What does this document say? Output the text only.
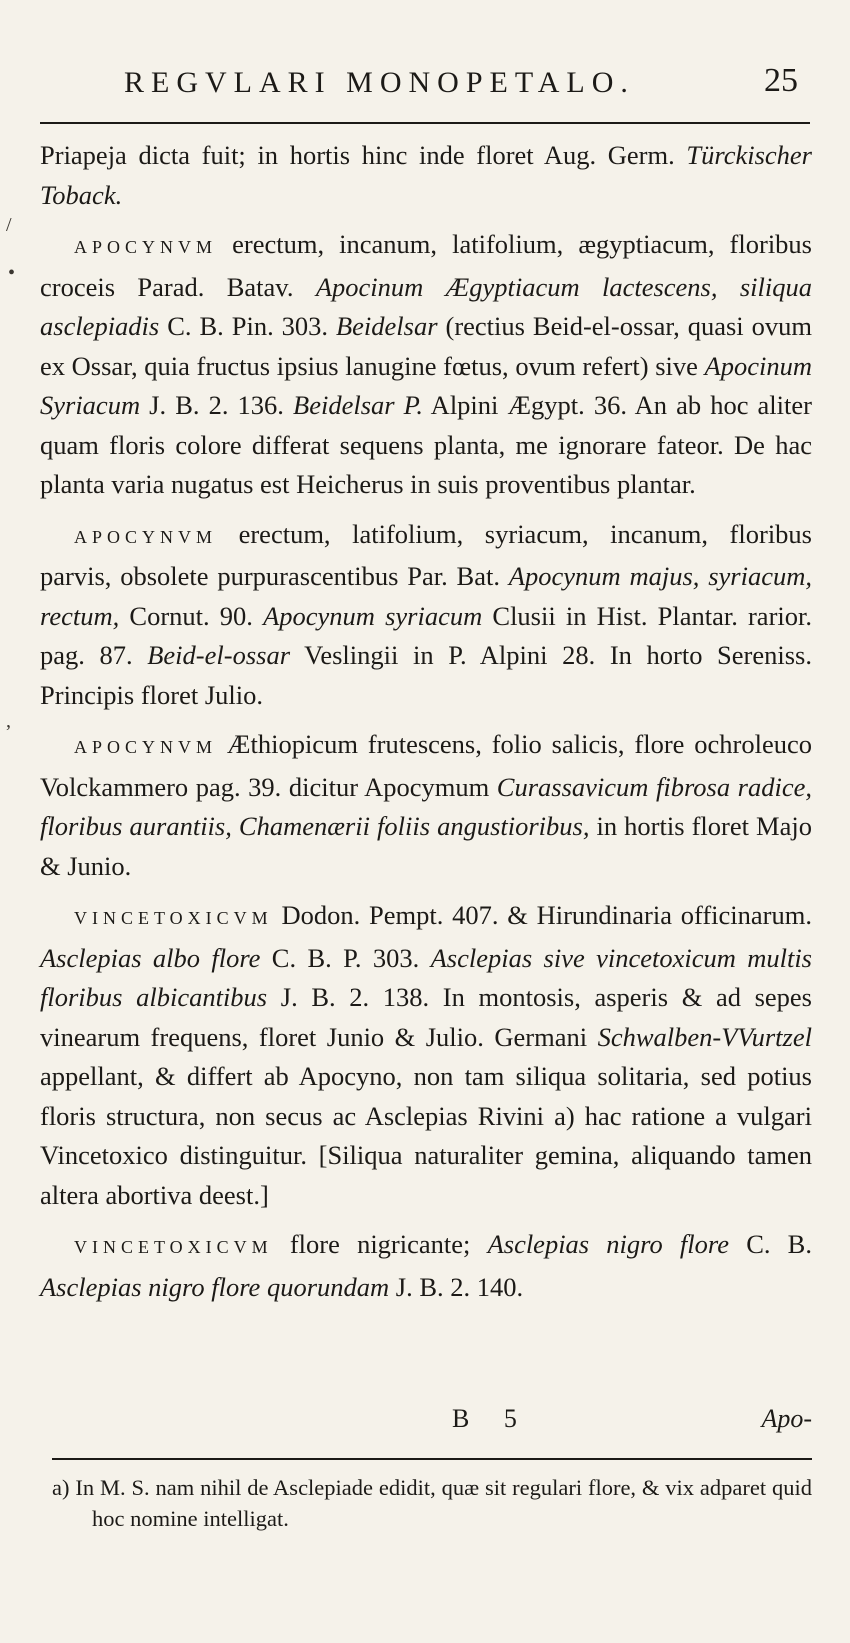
REGVLARI MONOPETALO.	25
/
•
,

Priapeja dicta fuit; in hortis hinc inde floret Aug. Germ. Türckischer Toback.

APOCYNVM erectum, incanum, latifolium, ægyptiacum, floribus croceis Parad. Batav. Apocinum Ægyptiacum lactescens, siliqua asclepiadis C. B. Pin. 303. Beidelsar (rectius Beid-el-ossar, quasi ovum ex Ossar, quia fructus ipsius lanugine fœtus, ovum refert) sive Apocinum Syriacum J. B. 2. 136. Beidelsar P. Alpini Ægypt. 36. An ab hoc aliter quam floris colore differat sequens planta, me ignorare fateor. De hac planta varia nugatus est Heicherus in suis proventibus plantar.

APOCYNVM erectum, latifolium, syriacum, incanum, floribus parvis, obsolete purpurascentibus Par. Bat. Apocynum majus, syriacum, rectum, Cornut. 90. Apocynum syriacum Clusii in Hist. Plantar. rarior. pag. 87. Beid-el-ossar Veslingii in P. Alpini 28. In horto Sereniss. Principis floret Julio.

APOCYNVM Æthiopicum frutescens, folio salicis, flore ochroleuco Volckammero pag. 39. dicitur Apocymum Curassavicum fibrosa radice, floribus aurantiis, Chamenærii foliis angustioribus, in hortis floret Majo & Junio.

VINCETOXICVM Dodon. Pempt. 407. & Hirundinaria officinarum. Asclepias albo flore C. B. P. 303. Asclepias sive vincetoxicum multis floribus albicantibus J. B. 2. 138. In montosis, asperis & ad sepes vinearum frequens, floret Junio & Julio. Germani Schwalben-VVurtzel appellant, & differt ab Apocyno, non tam siliqua solitaria, sed potius floris structura, non secus ac Asclepias Rivini a) hac ratione a vulgari Vincetoxico distinguitur. [Siliqua naturaliter gemina, aliquando tamen altera abortiva deest.]

VINCETOXICVM flore nigricante; Asclepias nigro flore C. B. Asclepias nigro flore quorundam J. B. 2. 140.

B 5	Apo-
a) In M. S. nam nihil de Asclepiade edidit, quæ sit regulari flore, & vix adparet quid hoc nomine intelligat.
